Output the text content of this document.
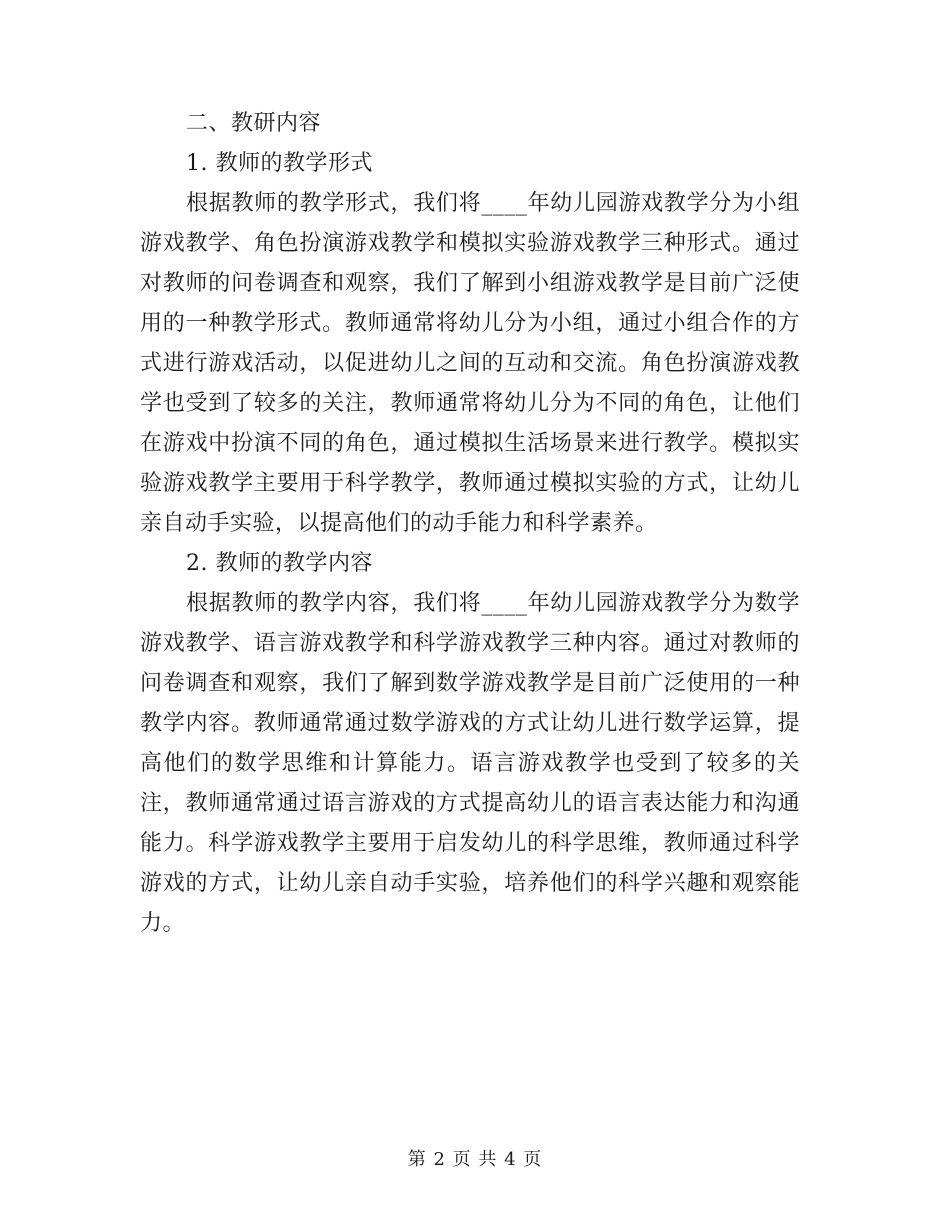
二、教研内容

1. 教师的教学形式

根据教师的教学形式，我们将____年幼儿园游戏教学分为小组游戏教学、角色扮演游戏教学和模拟实验游戏教学三种形式。通过对教师的问卷调查和观察，我们了解到小组游戏教学是目前广泛使用的一种教学形式。教师通常将幼儿分为小组，通过小组合作的方式进行游戏活动，以促进幼儿之间的互动和交流。角色扮演游戏教学也受到了较多的关注，教师通常将幼儿分为不同的角色，让他们在游戏中扮演不同的角色，通过模拟生活场景来进行教学。模拟实验游戏教学主要用于科学教学，教师通过模拟实验的方式，让幼儿亲自动手实验，以提高他们的动手能力和科学素养。

2. 教师的教学内容

根据教师的教学内容，我们将____年幼儿园游戏教学分为数学游戏教学、语言游戏教学和科学游戏教学三种内容。通过对教师的问卷调查和观察，我们了解到数学游戏教学是目前广泛使用的一种教学内容。教师通常通过数学游戏的方式让幼儿进行数学运算，提高他们的数学思维和计算能力。语言游戏教学也受到了较多的关注，教师通常通过语言游戏的方式提高幼儿的语言表达能力和沟通能力。科学游戏教学主要用于启发幼儿的科学思维，教师通过科学游戏的方式，让幼儿亲自动手实验，培养他们的科学兴趣和观察能力。

第 2 页 共 4 页
